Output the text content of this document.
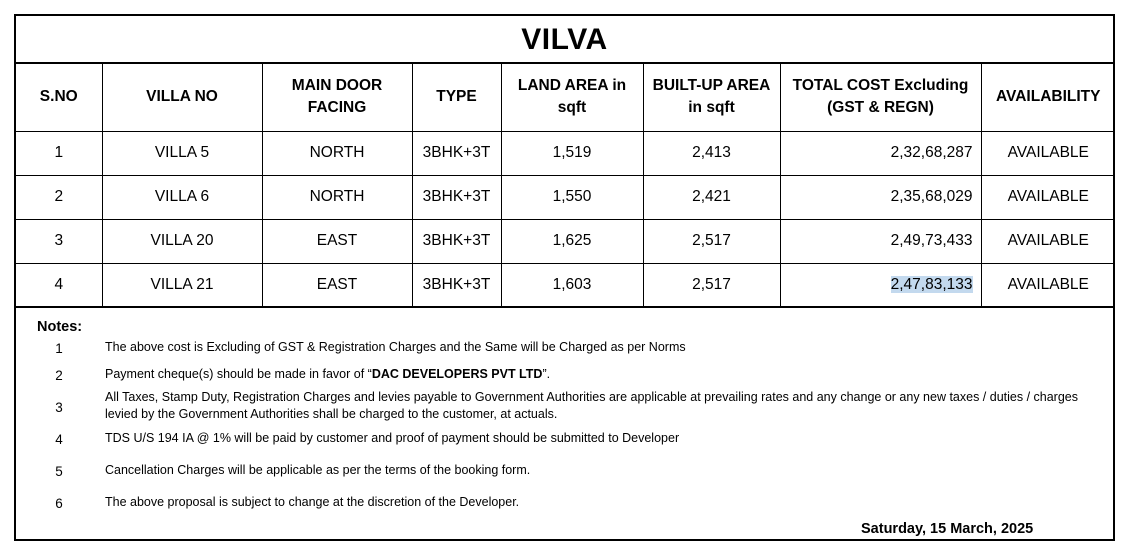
VILVA
S.NO	VILLA NO	MAIN DOOR FACING	TYPE	LAND AREA in sqft	BUILT-UP AREA in sqft	TOTAL COST Excluding (GST & REGN)	AVAILABILITY
1	VILLA 5	NORTH	3BHK+3T	1,519	2,413	2,32,68,287	AVAILABLE
2	VILLA 6	NORTH	3BHK+3T	1,550	2,421	2,35,68,029	AVAILABLE
3	VILLA 20	EAST	3BHK+3T	1,625	2,517	2,49,73,433	AVAILABLE
4	VILLA 21	EAST	3BHK+3T	1,603	2,517	2,47,83,133	AVAILABLE
Notes:
1	The above cost is Excluding of GST & Registration Charges and the Same will be Charged as per Norms
2	Payment cheque(s) should be made in favor of “DAC DEVELOPERS PVT LTD”.
3
All Taxes, Stamp Duty, Registration Charges and levies payable to Government Authorities are applicable at prevailing rates and any change or any new taxes / duties / charges levied by the Government Authorities shall be charged to the customer, at actuals.
4	TDS U/S 194 IA @ 1% will be paid by customer and proof of payment should be submitted to Developer
5	Cancellation Charges will be applicable as per the terms of the booking form.
6	The above proposal is subject to change at the discretion of the Developer.
Saturday, 15 March, 2025
